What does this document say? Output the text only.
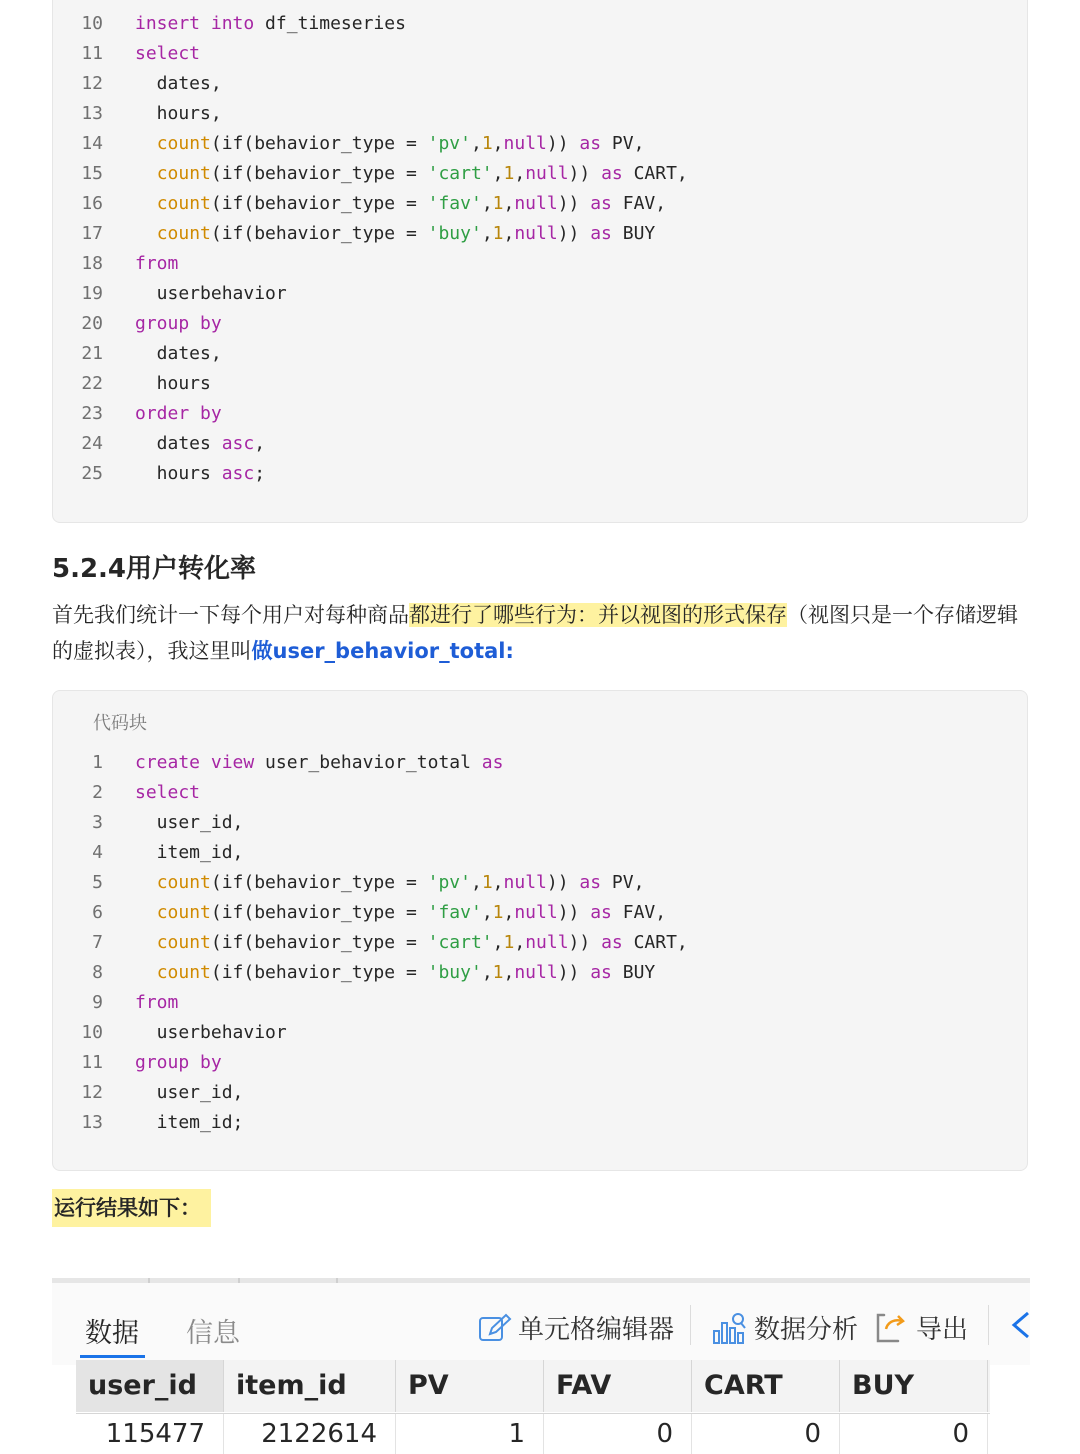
10 insert into df_timeseries
11 select
12 dates,
13 hours,
14	count(if(behavior_type = 'pv',1,null)) as PV,
15	count(if(behavior_type = 'cart',1,null)) as CART,
16	count(if(behavior_type = 'fav',1,null)) as FAV,
17	count(if(behavior_type = 'buy',1,null)) as BUY
18 from
19 userbehavior
20 group by
21 dates,
22 hours
23 order by
24 dates asc,
25 hours asc;
5.2.4用户转化率
首先我们统计一下每个用户对每种商品都进行了哪些行为：并以视图的形式保存（视图只是一个存储逻辑的虚拟表），我这里叫做user_behavior_total:
代码块
1 create view user_behavior_total as
2 select
3 user_id,
4 item_id,
5	count(if(behavior_type = 'pv',1,null)) as PV,
6	count(if(behavior_type = 'fav',1,null)) as FAV,
7	count(if(behavior_type = 'cart',1,null)) as CART,
8	count(if(behavior_type = 'buy',1,null)) as BUY
9 from
10 userbehavior
11 group by
12 user_id,
13 item_id;
运行结果如下：
数据 信息	单元格编辑器	数据分析 导出
user_id	item_id	PV	FAV	CART	BUY
115477	2122614	1	0	0	0
